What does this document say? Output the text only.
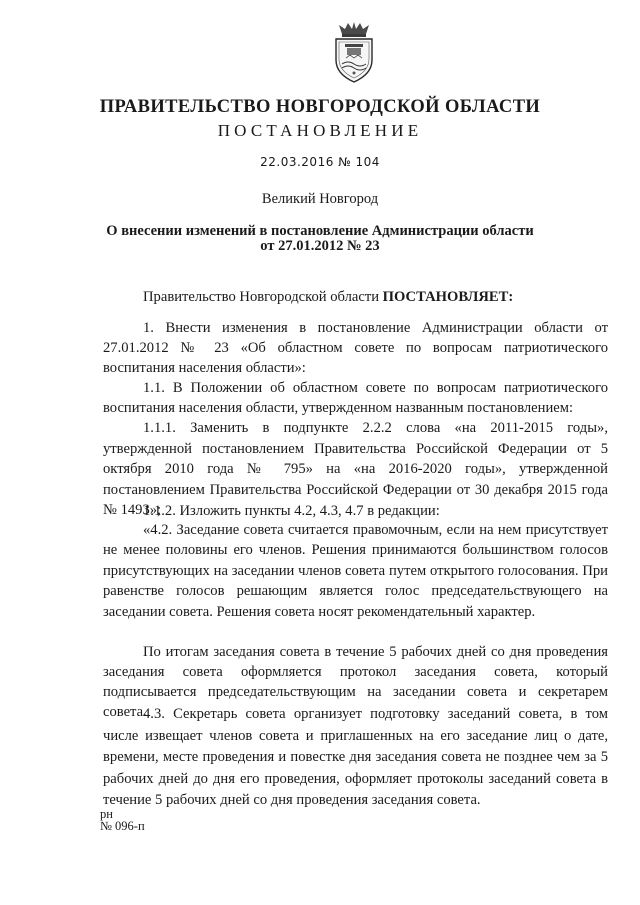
ПРАВИТЕЛЬСТВО НОВГОРОДСКОЙ ОБЛАСТИ
ПОСТАНОВЛЕНИЕ
22.03.2016 № 104
Великий Новгород
О внесении изменений в постановление Администрации области
от 27.01.2012 № 23
Правительство Новгородской области ПОСТАНОВЛЯЕТ:

1. Внести изменения в постановление Администрации области от 27.01.2012 № 23 «Об областном совете по вопросам патриотического воспитания населения области»:

1.1. В Положении об областном совете по вопросам патриотического воспитания населения области, утвержденном названным постановлением:

1.1.1. Заменить в подпункте 2.2.2 слова «на 2011-2015 годы», утвержденной постановлением Правительства Российской Федерации от 5 октября 2010 года № 795» на «на 2016-2020 годы», утвержденной постановлением Правительства Российской Федерации от 30 декабря 2015 года № 1493»;

1.1.2. Изложить пункты 4.2, 4.3, 4.7 в редакции:

«4.2. Заседание совета считается правомочным, если на нем присутствует не менее половины его членов. Решения принимаются большинством голосов присутствующих на заседании членов совета путем открытого голосования. При равенстве голосов решающим является голос председательствующего на заседании совета. Решения совета носят рекомендательный характер.

По итогам заседания совета в течение 5 рабочих дней со дня проведения заседания совета оформляется протокол заседания совета, который подписывается председательствующим на заседании совета и секретарем совета.

4.3. Секретарь совета организует подготовку заседаний совета, в том числе извещает членов совета и приглашенных на его заседание лиц о дате, времени, месте проведения и повестке дня заседания совета не позднее чем за 5 рабочих дней до дня его проведения, оформляет протоколы заседаний совета в течение 5 рабочих дней со дня проведения заседания совета.

рн
№ 096-п
